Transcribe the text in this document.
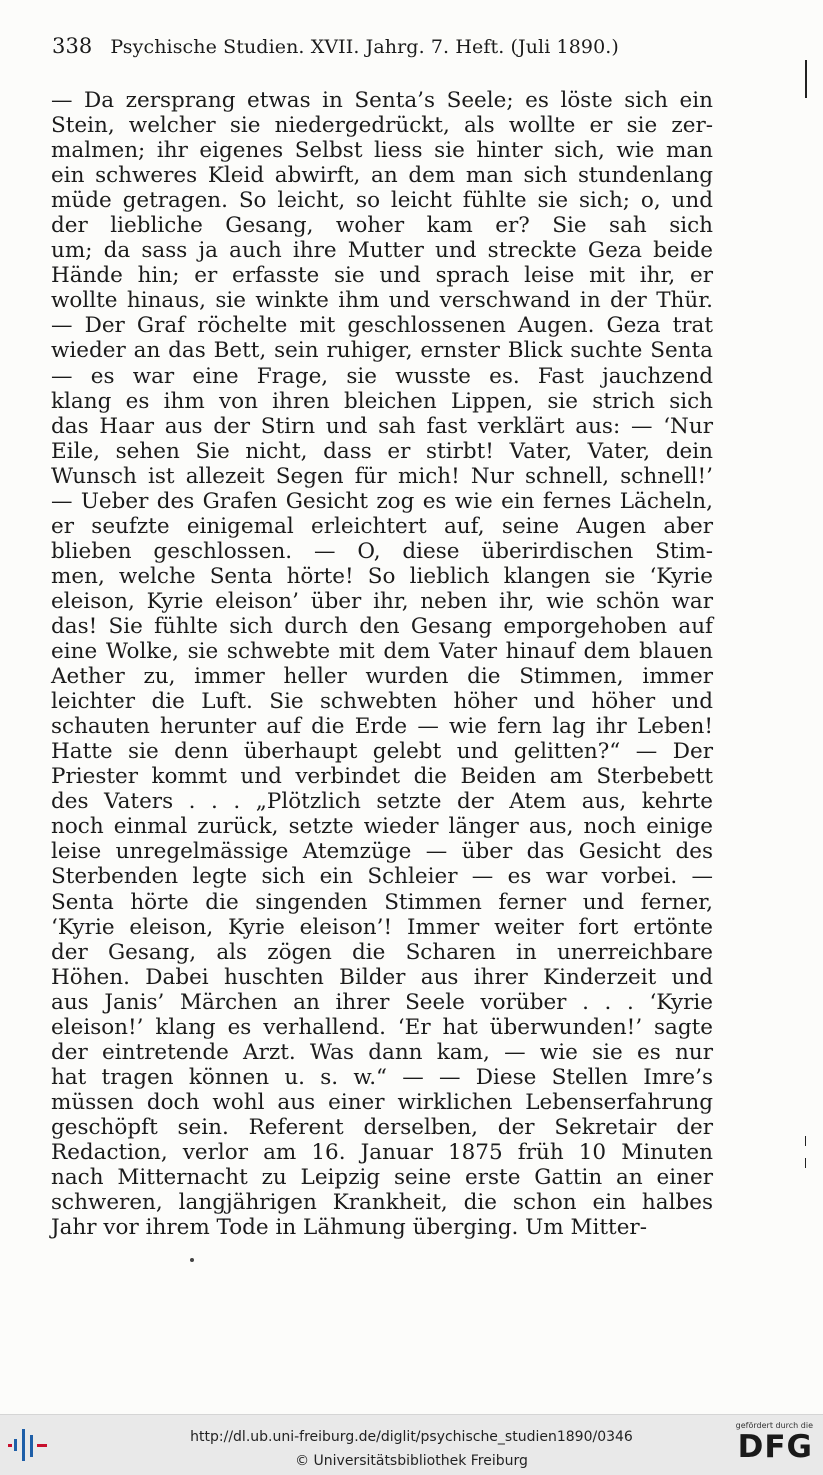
338 Psychische Studien. XVII. Jahrg. 7. Heft. (Juli 1890.)
— Da zersprang etwas in Senta’s Seele; es löste sich ein
Stein, welcher sie niedergedrückt, als wollte er sie zer-
malmen; ihr eigenes Selbst liess sie hinter sich, wie man
ein schweres Kleid abwirft, an dem man sich stundenlang
müde getragen. So leicht, so leicht fühlte sie sich; o, und
der liebliche Gesang, woher kam er? Sie sah sich
um; da sass ja auch ihre Mutter und streckte Geza beide
Hände hin; er erfasste sie und sprach leise mit ihr, er
wollte hinaus, sie winkte ihm und verschwand in der Thür.
— Der Graf röchelte mit geschlossenen Augen. Geza trat
wieder an das Bett, sein ruhiger, ernster Blick suchte Senta
— es war eine Frage, sie wusste es. Fast jauchzend
klang es ihm von ihren bleichen Lippen, sie strich sich
das Haar aus der Stirn und sah fast verklärt aus: — ‘Nur
Eile, sehen Sie nicht, dass er stirbt! Vater, Vater, dein
Wunsch ist allezeit Segen für mich! Nur schnell, schnell!’
— Ueber des Grafen Gesicht zog es wie ein fernes Lächeln,
er seufzte einigemal erleichtert auf, seine Augen aber
blieben geschlossen. — O, diese überirdischen Stim-
men, welche Senta hörte! So lieblich klangen sie ‘Kyrie
eleison, Kyrie eleison’ über ihr, neben ihr, wie schön war
das! Sie fühlte sich durch den Gesang emporgehoben auf
eine Wolke, sie schwebte mit dem Vater hinauf dem blauen
Aether zu, immer heller wurden die Stimmen, immer
leichter die Luft. Sie schwebten höher und höher und
schauten herunter auf die Erde — wie fern lag ihr Leben!
Hatte sie denn überhaupt gelebt und gelitten?“ — Der
Priester kommt und verbindet die Beiden am Sterbebett
des Vaters . . . „Plötzlich setzte der Atem aus, kehrte
noch einmal zurück, setzte wieder länger aus, noch einige
leise unregelmässige Atemzüge — über das Gesicht des
Sterbenden legte sich ein Schleier — es war vorbei. —
Senta hörte die singenden Stimmen ferner und ferner,
‘Kyrie eleison, Kyrie eleison’! Immer weiter fort ertönte
der Gesang, als zögen die Scharen in unerreichbare
Höhen. Dabei huschten Bilder aus ihrer Kinderzeit und
aus Janis’ Märchen an ihrer Seele vorüber . . . ‘Kyrie
eleison!’ klang es verhallend. ‘Er hat überwunden!’ sagte
der eintretende Arzt. Was dann kam, — wie sie es nur
hat tragen können u. s. w.“ — — Diese Stellen Imre’s
müssen doch wohl aus einer wirklichen Lebenserfahrung
geschöpft sein. Referent derselben, der Sekretair der
Redaction, verlor am 16. Januar 1875 früh 10 Minuten
nach Mitternacht zu Leipzig seine erste Gattin an einer
schweren, langjährigen Krankheit, die schon ein halbes
Jahr vor ihrem Tode in Lähmung überging. Um Mitter-
http://dl.ub.uni-freiburg.de/diglit/psychische_studien1890/0346
© Universitätsbibliothek Freiburg
gefördert durch die
DFG
